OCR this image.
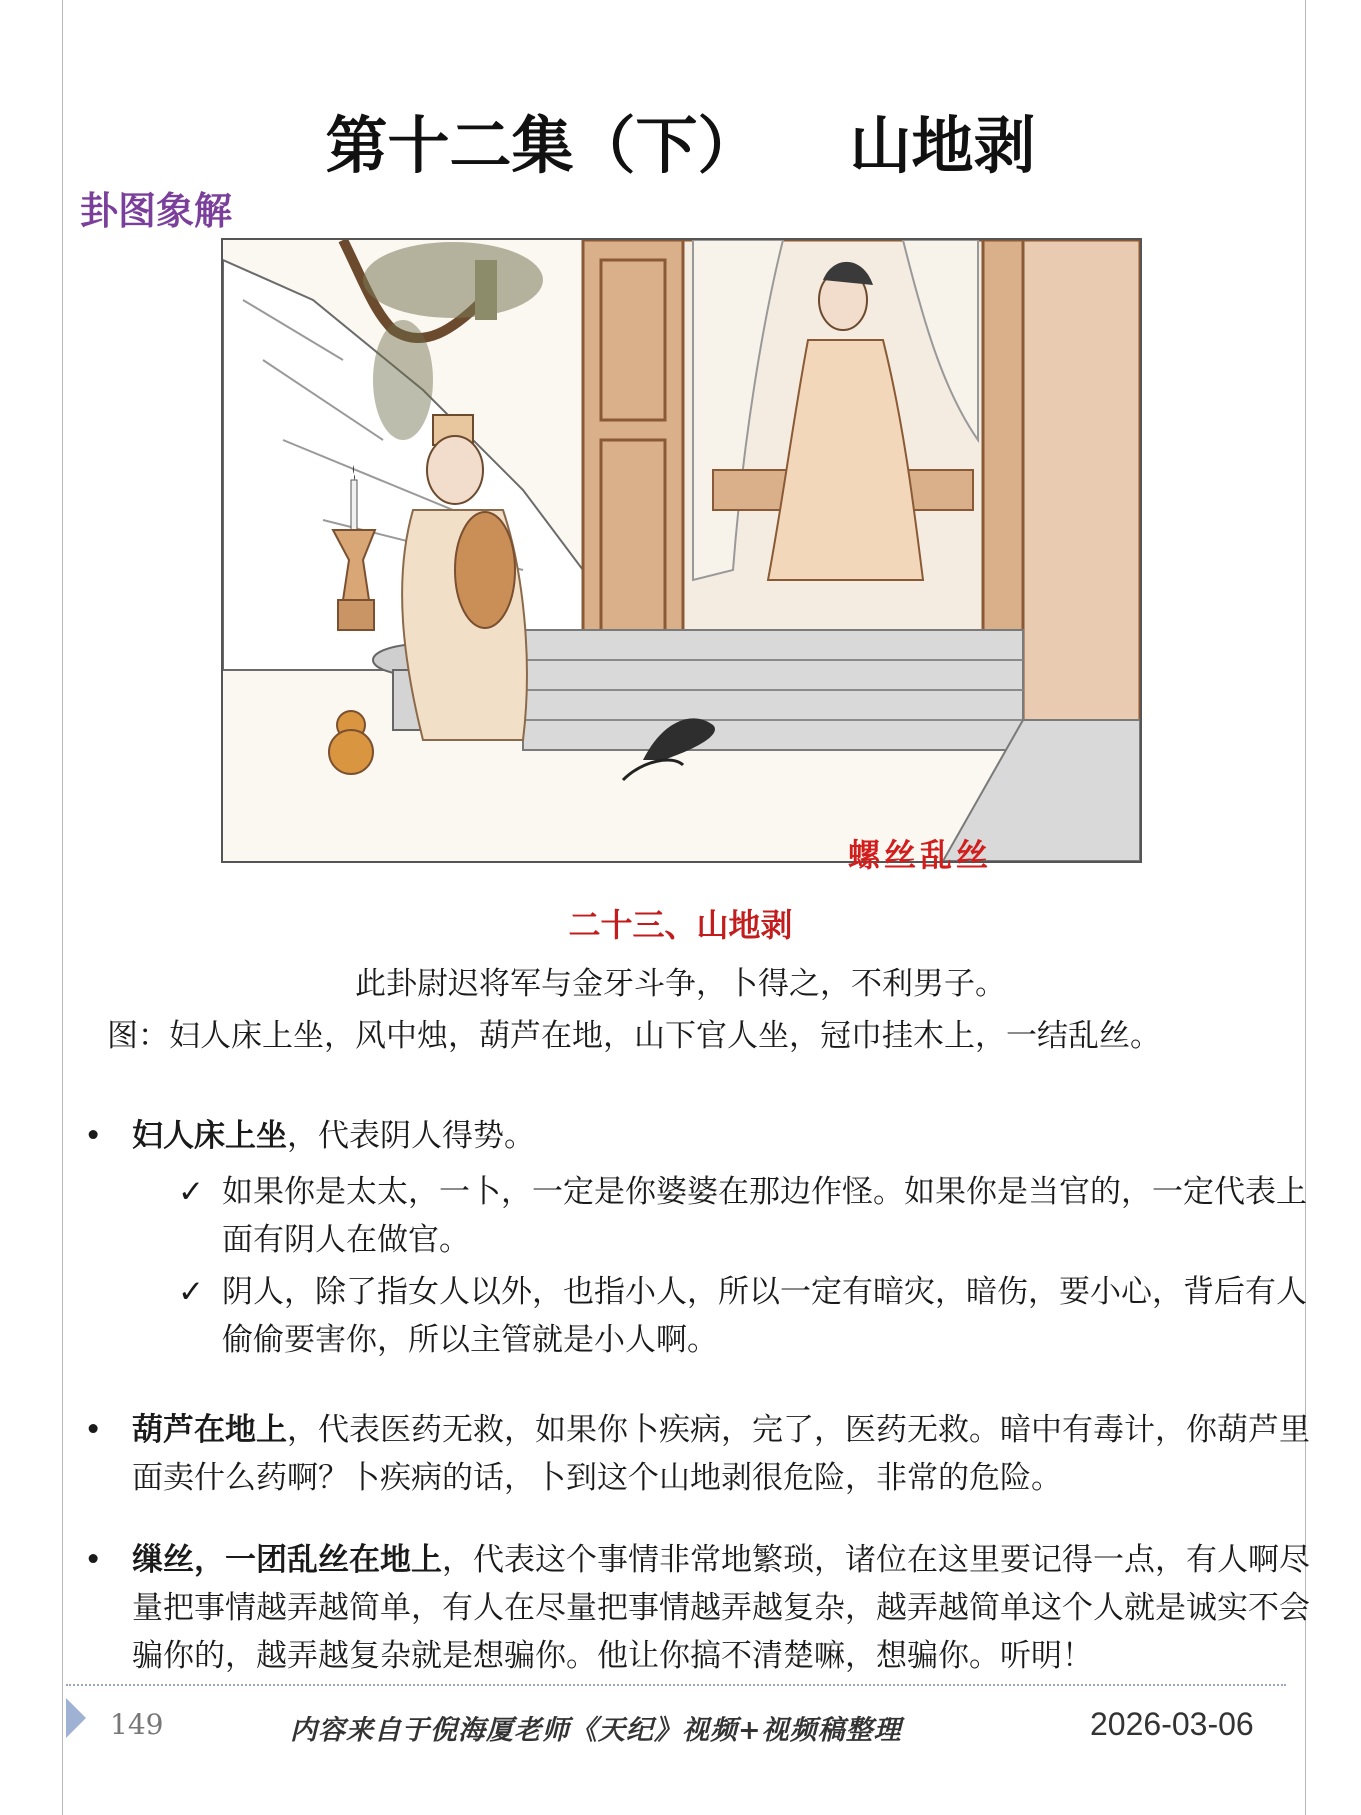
第十二集（下） 山地剥
卦图象解
螺丝乱丝
二十三、山地剥
此卦尉迟将军与金牙斗争，卜得之，不利男子。
图：妇人床上坐，风中烛，葫芦在地，山下官人坐，冠巾挂木上，一结乱丝。
• 妇人床上坐，代表阴人得势。
• 葫芦在地上，代表医药无救，如果你卜疾病，完了，医药无救。暗中有毒计，你葫芦里面卖什么药啊？卜疾病的话，卜到这个山地剥很危险，非常的危险。
• 缫丝，一团乱丝在地上，代表这个事情非常地繁琐，诸位在这里要记得一点，有人啊尽量把事情越弄越简单，有人在尽量把事情越弄越复杂，越弄越简单这个人就是诚实不会骗你的，越弄越复杂就是想骗你。他让你搞不清楚嘛，想骗你。听明！
✓ 如果你是太太，一卜，一定是你婆婆在那边作怪。如果你是当官的，一定代表上面有阴人在做官。
✓ 阴人，除了指女人以外，也指小人，所以一定有暗灾，暗伤，要小心，背后有人偷偷要害你，所以主管就是小人啊。
149	内容来自于倪海厦老师《天纪》视频+视频稿整理	2026-03-06
